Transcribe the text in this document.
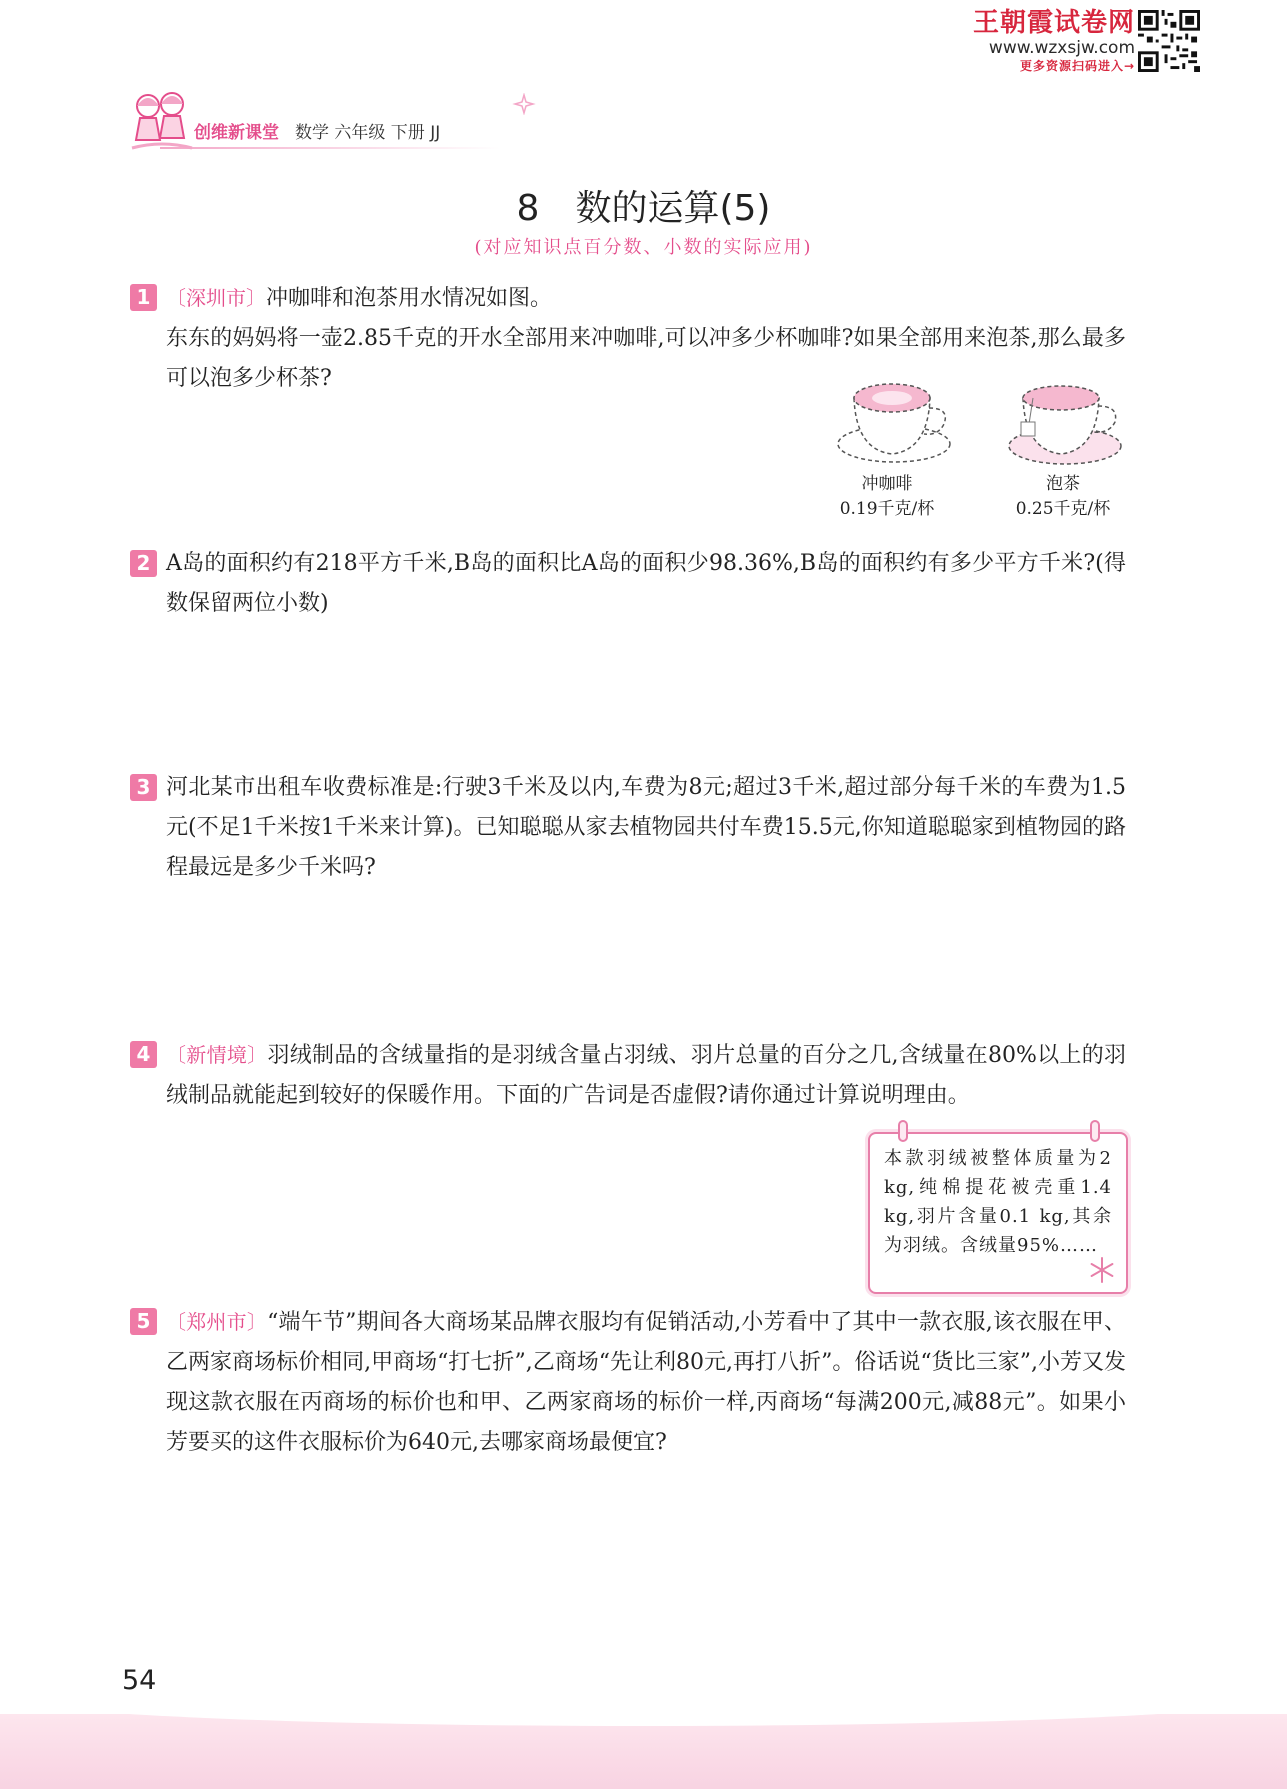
王朝霞试卷网
www.wzxsjw.com
更多资源扫码进入→
创维新课堂 数学 六年级 下册 JJ
8　数的运算(5)
(对应知识点百分数、小数的实际应用)
1 〔深圳市〕冲咖啡和泡茶用水情况如图。
东东的妈妈将一壶2.85千克的开水全部用来冲咖啡,可以冲多少杯咖啡?如果全部用来泡茶,那么最多可以泡多少杯茶?
冲咖啡
0.19千克/杯
泡茶
0.25千克/杯
2 A岛的面积约有218平方千米,B岛的面积比A岛的面积少98.36%,B岛的面积约有多少平方千米?(得数保留两位小数)
3 河北某市出租车收费标准是:行驶3千米及以内,车费为8元;超过3千米,超过部分每千米的车费为1.5元(不足1千米按1千米来计算)。已知聪聪从家去植物园共付车费15.5元,你知道聪聪家到植物园的路程最远是多少千米吗?
4 〔新情境〕羽绒制品的含绒量指的是羽绒含量占羽绒、羽片总量的百分之几,含绒量在80%以上的羽绒制品就能起到较好的保暖作用。下面的广告词是否虚假?请你通过计算说明理由。
本款羽绒被整体质量为2 kg,纯棉提花被壳重1.4 kg,羽片含量0.1 kg,其余为羽绒。含绒量95%……
5 〔郑州市〕“端午节”期间各大商场某品牌衣服均有促销活动,小芳看中了其中一款衣服,该衣服在甲、乙两家商场标价相同,甲商场“打七折”,乙商场“先让利80元,再打八折”。俗话说“货比三家”,小芳又发现这款衣服在丙商场的标价也和甲、乙两家商场的标价一样,丙商场“每满200元,减88元”。如果小芳要买的这件衣服标价为640元,去哪家商场最便宜?
54
